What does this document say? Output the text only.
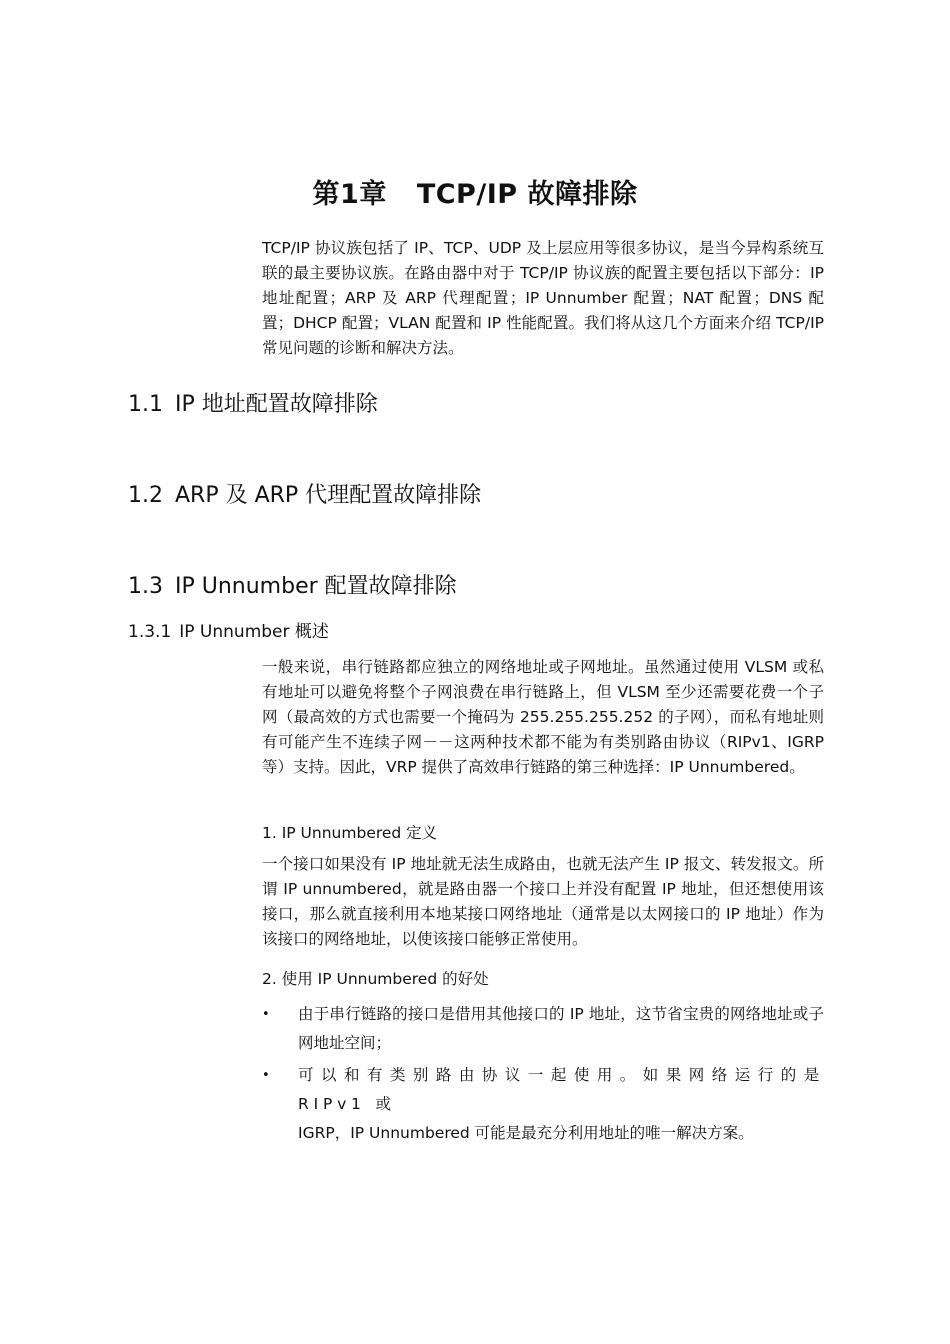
第1章 TCP/IP 故障排除
TCP/IP 协议族包括了 IP、TCP、UDP 及上层应用等很多协议，是当今异构系统互联的最主要协议族。在路由器中对于 TCP/IP 协议族的配置主要包括以下部分：IP 地址配置；ARP 及 ARP 代理配置；IP Unnumber 配置；NAT 配置；DNS 配置；DHCP 配置；VLAN 配置和 IP 性能配置。我们将从这几个方面来介绍 TCP/IP 常见问题的诊断和解决方法。
1.1 IP 地址配置故障排除
1.2 ARP 及 ARP 代理配置故障排除
1.3 IP Unnumber 配置故障排除
1.3.1 IP Unnumber 概述
一般来说，串行链路都应独立的网络地址或子网地址。虽然通过使用 VLSM 或私有地址可以避免将整个子网浪费在串行链路上，但 VLSM 至少还需要花费一个子网（最高效的方式也需要一个掩码为 255.255.255.252 的子网），而私有地址则有可能产生不连续子网－－这两种技术都不能为有类别路由协议（RIPv1、IGRP 等）支持。因此，VRP 提供了高效串行链路的第三种选择：IP Unnumbered。
1. IP Unnumbered 定义
一个接口如果没有 IP 地址就无法生成路由，也就无法产生 IP 报文、转发报文。所谓 IP unnumbered，就是路由器一个接口上并没有配置 IP 地址，但还想使用该接口，那么就直接利用本地某接口网络地址（通常是以太网接口的 IP 地址）作为该接口的网络地址，以使该接口能够正常使用。
2. 使用 IP Unnumbered 的好处
•	由于串行链路的接口是借用其他接口的 IP 地址，这节省宝贵的网络地址或子网地址空间；
•	可以和有类别路由协议一起使用。如果网络运行的是 RIPv1 或
IGRP，IP Unnumbered 可能是最充分利用地址的唯一解决方案。
